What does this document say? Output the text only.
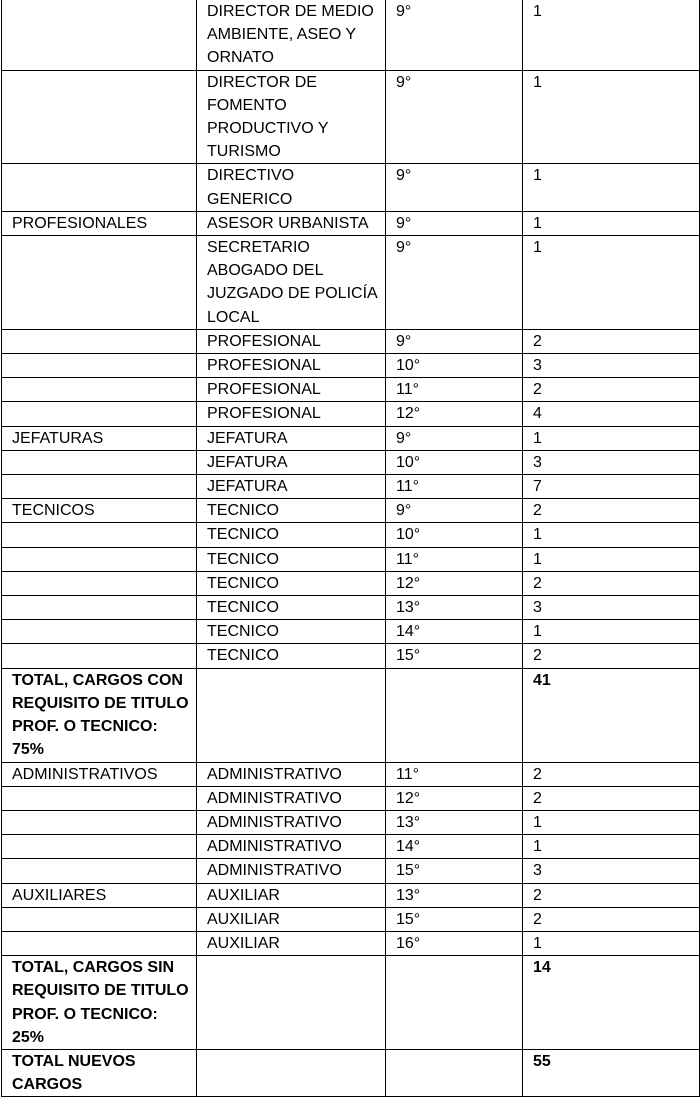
	DIRECTOR DE MEDIO AMBIENTE, ASEO Y ORNATO	9°	1
	DIRECTOR DE FOMENTO PRODUCTIVO Y TURISMO	9°	1
	DIRECTIVO GENERICO	9°	1
PROFESIONALES	ASESOR URBANISTA	9°	1
	SECRETARIO ABOGADO DEL JUZGADO DE POLICÍA LOCAL	9°	1
	PROFESIONAL	9°	2
	PROFESIONAL	10°	3
	PROFESIONAL	11°	2
	PROFESIONAL	12°	4
JEFATURAS	JEFATURA	9°	1
	JEFATURA	10°	3
	JEFATURA	11°	7
TECNICOS	TECNICO	9°	2
	TECNICO	10°	1
	TECNICO	11°	1
	TECNICO	12°	2
	TECNICO	13°	3
	TECNICO	14°	1
	TECNICO	15°	2
TOTAL, CARGOS CON REQUISITO DE TITULO PROF. O TECNICO: 75%			41
ADMINISTRATIVOS	ADMINISTRATIVO	11°	2
	ADMINISTRATIVO	12°	2
	ADMINISTRATIVO	13°	1
	ADMINISTRATIVO	14°	1
	ADMINISTRATIVO	15°	3
AUXILIARES	AUXILIAR	13°	2
	AUXILIAR	15°	2
	AUXILIAR	16°	1
TOTAL, CARGOS SIN REQUISITO DE TITULO PROF. O TECNICO: 25%			14
TOTAL NUEVOS CARGOS			55
